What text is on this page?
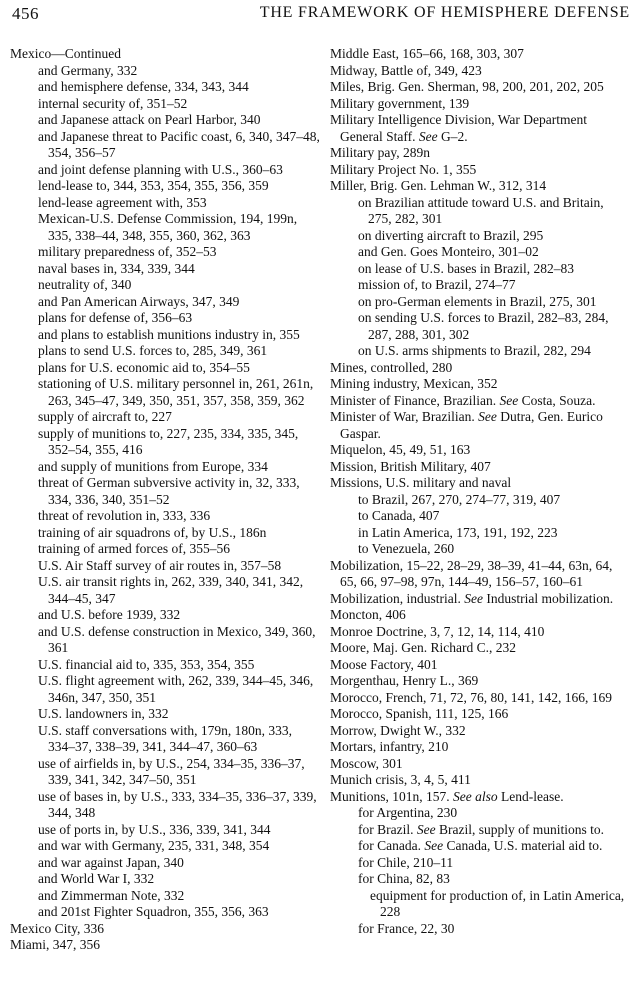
456	THE FRAMEWORK OF HEMISPHERE DEFENSE

Mexico—Continued

and Germany, 332

and hemisphere defense, 334, 343, 344

internal security of, 351–52

and Japanese attack on Pearl Harbor, 340

and Japanese threat to Pacific coast, 6, 340, 347–48, 354, 356–57

and joint defense planning with U.S., 360–63

lend-lease to, 344, 353, 354, 355, 356, 359

lend-lease agreement with, 353

Mexican-U.S. Defense Commission, 194, 199n, 335, 338–44, 348, 355, 360, 362, 363

military preparedness of, 352–53

naval bases in, 334, 339, 344

neutrality of, 340

and Pan American Airways, 347, 349

plans for defense of, 356–63

and plans to establish munitions industry in, 355

plans to send U.S. forces to, 285, 349, 361

plans for U.S. economic aid to, 354–55

stationing of U.S. military personnel in, 261, 261n, 263, 345–47, 349, 350, 351, 357, 358, 359, 362

supply of aircraft to, 227

supply of munitions to, 227, 235, 334, 335, 345, 352–54, 355, 416

and supply of munitions from Europe, 334

threat of German subversive activity in, 32, 333, 334, 336, 340, 351–52

threat of revolution in, 333, 336

training of air squadrons of, by U.S., 186n

training of armed forces of, 355–56

U.S. Air Staff survey of air routes in, 357–58

U.S. air transit rights in, 262, 339, 340, 341, 342, 344–45, 347

and U.S. before 1939, 332

and U.S. defense construction in Mexico, 349, 360, 361

U.S. financial aid to, 335, 353, 354, 355

U.S. flight agreement with, 262, 339, 344–45, 346, 346n, 347, 350, 351

U.S. landowners in, 332

U.S. staff conversations with, 179n, 180n, 333, 334–37, 338–39, 341, 344–47, 360–63

use of airfields in, by U.S., 254, 334–35, 336–37, 339, 341, 342, 347–50, 351

use of bases in, by U.S., 333, 334–35, 336–37, 339, 344, 348

use of ports in, by U.S., 336, 339, 341, 344

and war with Germany, 235, 331, 348, 354

and war against Japan, 340

and World War I, 332

and Zimmerman Note, 332

and 201st Fighter Squadron, 355, 356, 363

Mexico City, 336

Miami, 347, 356

Middle East, 165–66, 168, 303, 307

Midway, Battle of, 349, 423

Miles, Brig. Gen. Sherman, 98, 200, 201, 202, 205

Military government, 139

Military Intelligence Division, War Department General Staff. See G–2.

Military pay, 289n

Military Project No. 1, 355

Miller, Brig. Gen. Lehman W., 312, 314

on Brazilian attitude toward U.S. and Britain, 275, 282, 301

on diverting aircraft to Brazil, 295

and Gen. Goes Monteiro, 301–02

on lease of U.S. bases in Brazil, 282–83

mission of, to Brazil, 274–77

on pro-German elements in Brazil, 275, 301

on sending U.S. forces to Brazil, 282–83, 284, 287, 288, 301, 302

on U.S. arms shipments to Brazil, 282, 294

Mines, controlled, 280

Mining industry, Mexican, 352

Minister of Finance, Brazilian. See Costa, Souza.

Minister of War, Brazilian. See Dutra, Gen. Eurico Gaspar.

Miquelon, 45, 49, 51, 163

Mission, British Military, 407

Missions, U.S. military and naval

to Brazil, 267, 270, 274–77, 319, 407

to Canada, 407

in Latin America, 173, 191, 192, 223

to Venezuela, 260

Mobilization, 15–22, 28–29, 38–39, 41–44, 63n, 64, 65, 66, 97–98, 97n, 144–49, 156–57, 160–61

Mobilization, industrial. See Industrial mobilization.

Moncton, 406

Monroe Doctrine, 3, 7, 12, 14, 114, 410

Moore, Maj. Gen. Richard C., 232

Moose Factory, 401

Morgenthau, Henry L., 369

Morocco, French, 71, 72, 76, 80, 141, 142, 166, 169

Morocco, Spanish, 111, 125, 166

Morrow, Dwight W., 332

Mortars, infantry, 210

Moscow, 301

Munich crisis, 3, 4, 5, 411

Munitions, 101n, 157. See also Lend-lease.

for Argentina, 230

for Brazil. See Brazil, supply of munitions to.

for Canada. See Canada, U.S. material aid to.

for Chile, 210–11

for China, 82, 83

equipment for production of, in Latin America, 228

for France, 22, 30
